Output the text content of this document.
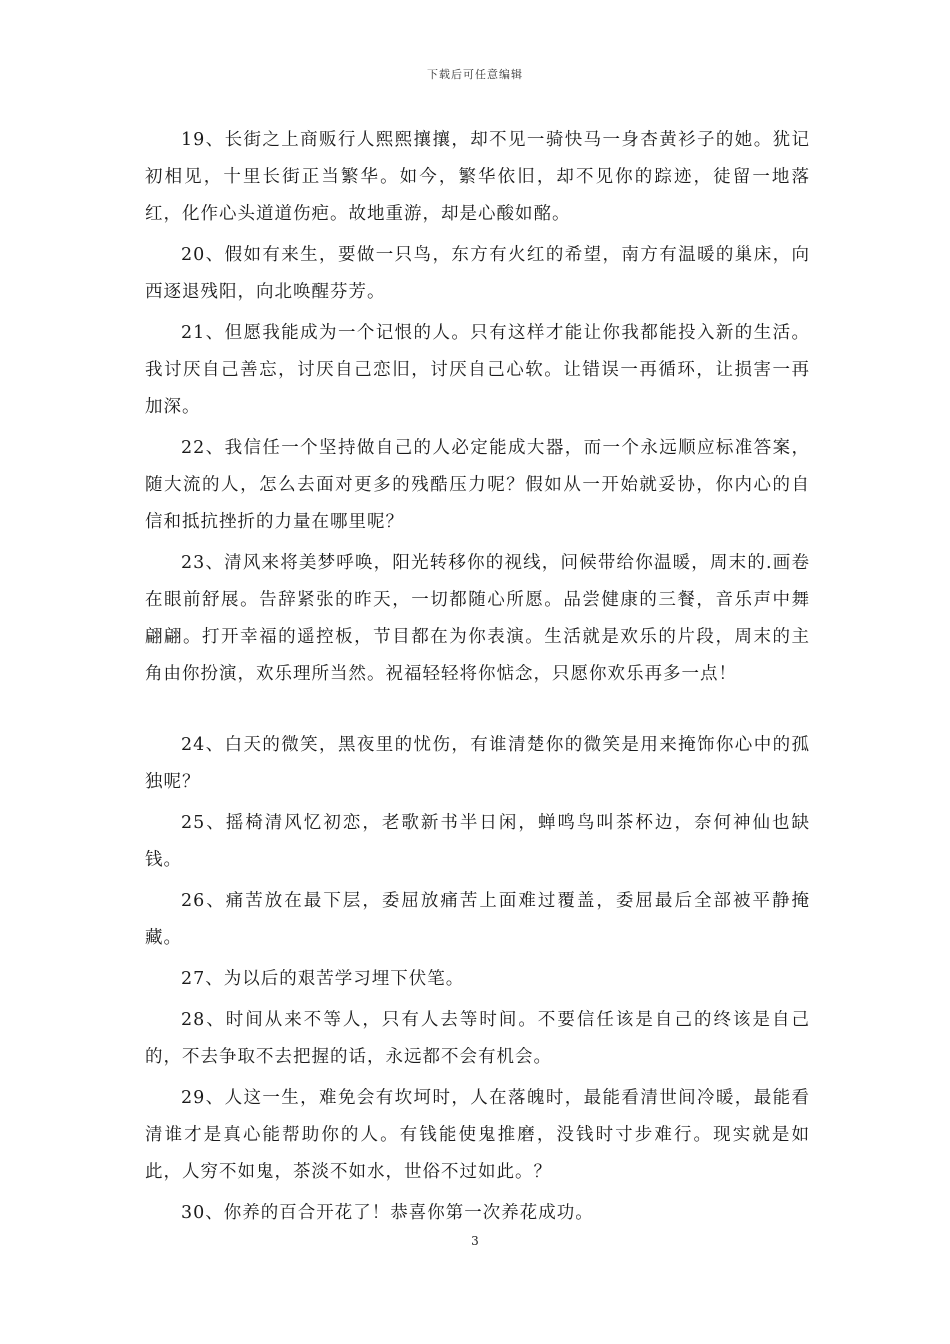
下载后可任意编辑

19、长街之上商贩行人熙熙攘攘，却不见一骑快马一身杏黄衫子的她。犹记初相见，十里长街正当繁华。如今，繁华依旧，却不见你的踪迹，徒留一地落红，化作心头道道伤疤。故地重游，却是心酸如酩。

20、假如有来生，要做一只鸟，东方有火红的希望，南方有温暖的巢床，向西逐退残阳，向北唤醒芬芳。

21、但愿我能成为一个记恨的人。只有这样才能让你我都能投入新的生活。我讨厌自己善忘，讨厌自己恋旧，讨厌自己心软。让错误一再循环，让损害一再加深。

22、我信任一个坚持做自己的人必定能成大器，而一个永远顺应标准答案，随大流的人，怎么去面对更多的残酷压力呢？假如从一开始就妥协，你内心的自信和抵抗挫折的力量在哪里呢？

23、清风来将美梦呼唤，阳光转移你的视线，问候带给你温暖，周末的.画卷在眼前舒展。告辞紧张的昨天，一切都随心所愿。品尝健康的三餐，音乐声中舞翩翩。打开幸福的遥控板，节目都在为你表演。生活就是欢乐的片段，周末的主角由你扮演，欢乐理所当然。祝福轻轻将你惦念，只愿你欢乐再多一点！

24、白天的微笑，黑夜里的忧伤，有谁清楚你的微笑是用来掩饰你心中的孤独呢？

25、摇椅清风忆初恋，老歌新书半日闲，蝉鸣鸟叫茶杯边，奈何神仙也缺钱。

26、痛苦放在最下层，委屈放痛苦上面难过覆盖，委屈最后全部被平静掩藏。

27、为以后的艰苦学习埋下伏笔。

28、时间从来不等人，只有人去等时间。不要信任该是自己的终该是自己的，不去争取不去把握的话，永远都不会有机会。

29、人这一生，难免会有坎坷时，人在落魄时，最能看清世间冷暖，最能看清谁才是真心能帮助你的人。有钱能使鬼推磨，没钱时寸步难行。现实就是如此，人穷不如鬼，茶淡不如水，世俗不过如此。？

30、你养的百合开花了！恭喜你第一次养花成功。

3
